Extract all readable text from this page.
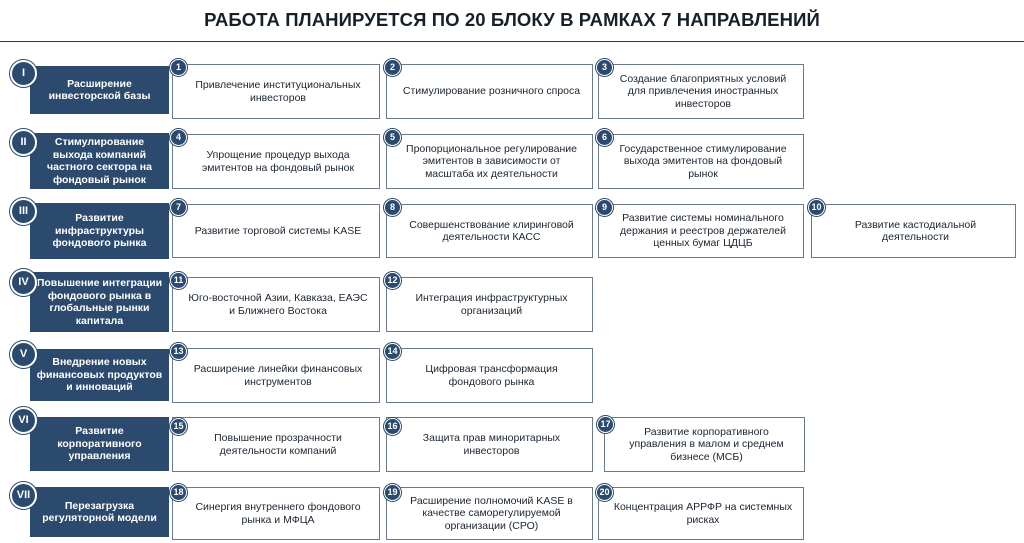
РАБОТА ПЛАНИРУЕТСЯ ПО 20 БЛОКУ В РАМКАХ 7 НАПРАВЛЕНИЙ
Расширение инвесторской базы
I
Стимулирование выхода компаний частного сектора на фондовый рынок
II
Развитие инфраструктуры фондового рынка
III
Повышение интеграции фондового рынка в глобальные рынки капитала
IV
Внедрение новых финансовых продуктов и инноваций
V
Развитие корпоративного управления
VI
Перезагрузка регуляторной модели
VII
Привлечение институциональных инвесторов
1
Стимулирование розничного спроса
2
Создание благоприятных условий для привлечения иностранных инвесторов
3
Упрощение процедур выхода эмитентов на фондовый рынок
4
Пропорциональное регулирование эмитентов в зависимости от масштаба их деятельности
5
Государственное стимулирование выхода эмитентов на фондовый рынок
6
Развитие торговой системы KASE
7
Совершенствование клиринговой деятельности КАСС
8
Развитие системы номинального держания и реестров держателей ценных бумаг ЦДЦБ
9
Развитие кастодиальной деятельности
10
Юго-восточной Азии, Кавказа, ЕАЭС и Ближнего Востока
11
Интеграция инфраструктурных организаций
12
Расширение линейки финансовых инструментов
13
Цифровая трансформация фондового рынка
14
Повышение прозрачности деятельности компаний
15
Защита прав миноритарных инвесторов
16	Развитие корпоративного управления в малом и среднем бизнесе (МСБ)
17
Синергия внутреннего фондового рынка и МФЦА
18
Расширение полномочий KASE в качестве саморегулируемой организации (СРО)
19
Концентрация АРРФР на системных рисках
20
